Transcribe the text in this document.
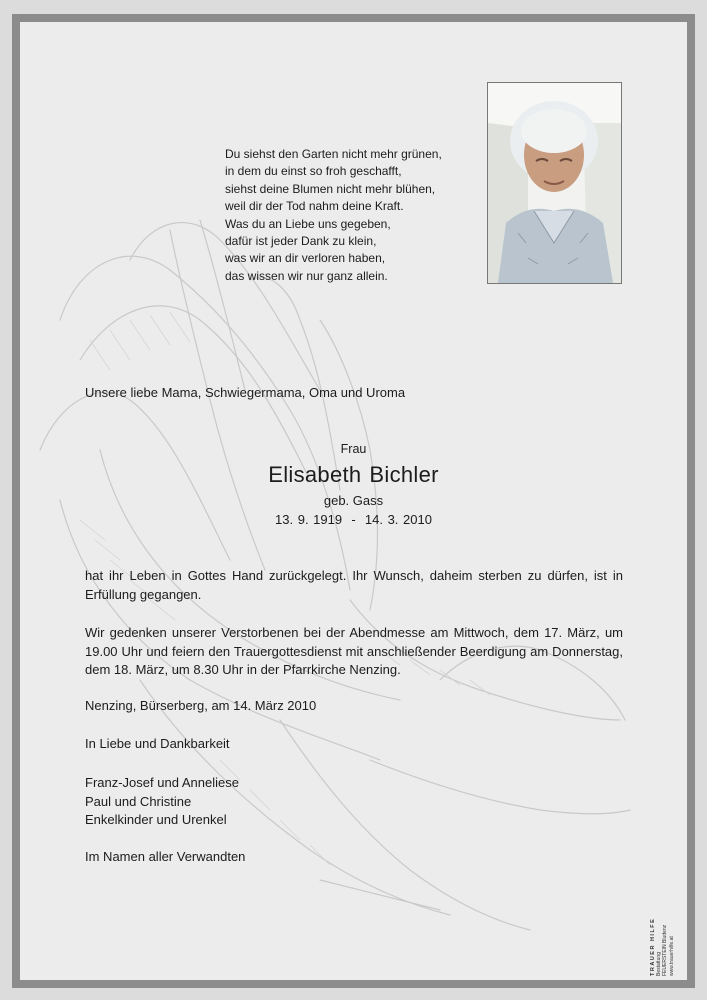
Du siehst den Garten nicht mehr grünen,
in dem du einst so froh geschafft,
siehst deine Blumen nicht mehr blühen,
weil dir der Tod nahm deine Kraft.
Was du an Liebe uns gegeben,
dafür ist jeder Dank zu klein,
was wir an dir verloren haben,
das wissen wir nur ganz allein.
Unsere liebe Mama, Schwiegermama, Oma und Uroma
Frau
Elisabeth Bichler
geb. Gass
13. 9. 1919  -  14. 3. 2010
hat ihr Leben in Gottes Hand zurückgelegt. Ihr Wunsch, daheim sterben zu dürfen, ist in Erfüllung gegangen.
Wir gedenken unserer Verstorbenen bei der Abendmesse am Mittwoch, dem 17. März, um 19.00 Uhr und feiern den Trauergottesdienst mit anschließender Beerdigung am Donnerstag, dem 18. März, um 8.30 Uhr in der Pfarrkirche Nenzing.
Nenzing, Bürserberg, am 14. März 2010
In Liebe und Dankbarkeit
Franz-Josef und Anneliese
Paul und Christine
Enkelkinder und Urenkel
Im Namen aller Verwandten
TRAUER HILFE Bestattung FEUERSTEIN Bludenz www.trauerhilfe.at
